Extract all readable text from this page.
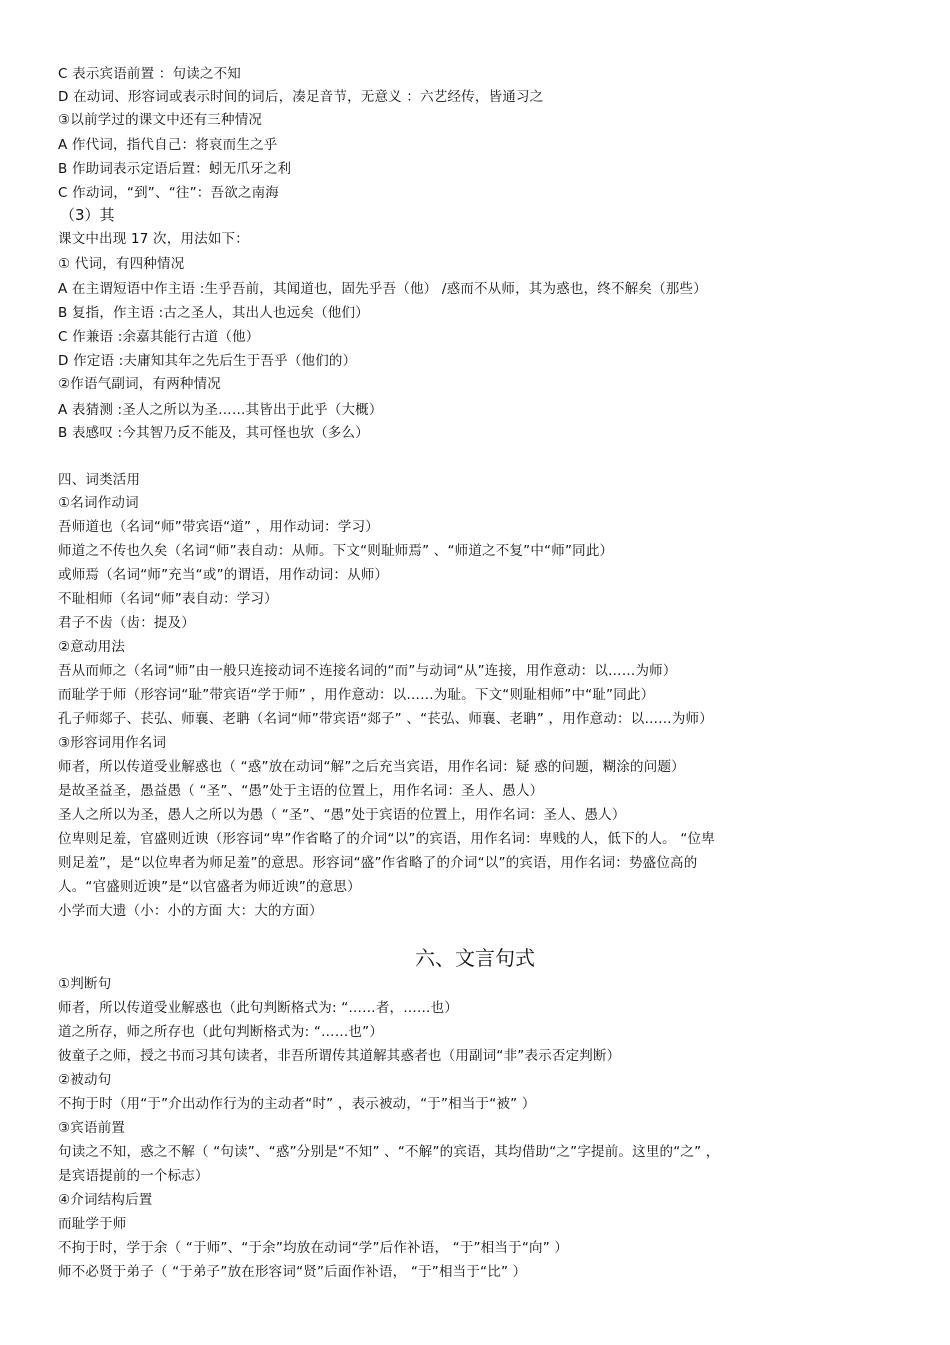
C 表示宾语前置 ：句读之不知
D 在动词、形容词或表示时间的词后，凑足音节，无意义 ：六艺经传，皆通习之
③以前学过的课文中还有三种情况
A 作代词，指代自己：将哀而生之乎
B 作助词表示定语后置：蚓无爪牙之利
C 作动词，“到”、“往”：吾欲之南海
（3）其
课文中出现 17 次，用法如下：
① 代词，有四种情况
A 在主谓短语中作主语 :生乎吾前，其闻道也，固先乎吾（他） /惑而不从师，其为惑也，终不解矣（那些）
B 复指，作主语 :古之圣人，其出人也远矣（他们）
C 作兼语 :余嘉其能行古道（他）
D 作定语 :夫庸知其年之先后生于吾乎（他们的）
②作语气副词，有两种情况
A 表猜测 :圣人之所以为圣……其皆出于此乎（大概）
B 表感叹 :今其智乃反不能及，其可怪也欤（多么）
四、词类活用
①名词作动词
吾师道也（名词“师”带宾语“道” ，用作动词：学习）
师道之不传也久矣（名词“师”表自动：从师。下文“则耻师焉” 、“师道之不复”中“师”同此）
或师焉（名词“师”充当“或”的谓语，用作动词：从师）
不耻相师（名词“师”表自动：学习）
君子不齿（齿：提及）
②意动用法
吾从而师之（名词“师”由一般只连接动词不连接名词的“而”与动词“从”连接，用作意动：以……为师）
而耻学于师（形容词“耻”带宾语“学于师” ，用作意动：以……为耻。下文“则耻相师”中“耻”同此）
孔子师郯子、苌弘、师襄、老聃（名词“师”带宾语“郯子” 、“苌弘、师襄、老聃” ，用作意动：以……为师）
③形容词用作名词
师者，所以传道受业解惑也（ “惑”放在动词“解”之后充当宾语，用作名词：疑 惑的问题，糊涂的问题）
是故圣益圣，愚益愚（ “圣”、“愚”处于主语的位置上，用作名词：圣人、愚人）
圣人之所以为圣，愚人之所以为愚（ “圣”、“愚”处于宾语的位置上，用作名词：圣人、愚人）
位卑则足羞，官盛则近谀（形容词“卑”作省略了的介词“以”的宾语，用作名词：卑贱的人，低下的人。 “位卑
则足羞”，是“以位卑者为师足羞”的意思。形容词“盛”作省略了的介词“以”的宾语，用作名词：势盛位高的
人。“官盛则近谀”是“以官盛者为师近谀”的意思）
小学而大遗（小：小的方面 大：大的方面）
六、文言句式
①判断句
师者，所以传道受业解惑也（此句判断格式为: “……者，……也）
道之所存，师之所存也（此句判断格式为: “……也”）
彼童子之师，授之书而习其句读者，非吾所谓传其道解其惑者也（用副词“非”表示否定判断）
②被动句
不拘于时（用“于”介出动作行为的主动者“时” ，表示被动，“于”相当于“被” ）
③宾语前置
句读之不知，惑之不解（ “句读”、“惑”分别是“不知” 、“不解”的宾语，其均借助“之”字提前。这里的“之” ，
是宾语提前的一个标志）
④介词结构后置
而耻学于师
不拘于时，学于余（ “于师”、“于余”均放在动词“学”后作补语， “于”相当于“向” ）
师不必贤于弟子（ “于弟子”放在形容词“贤”后面作补语， “于”相当于“比” ）
